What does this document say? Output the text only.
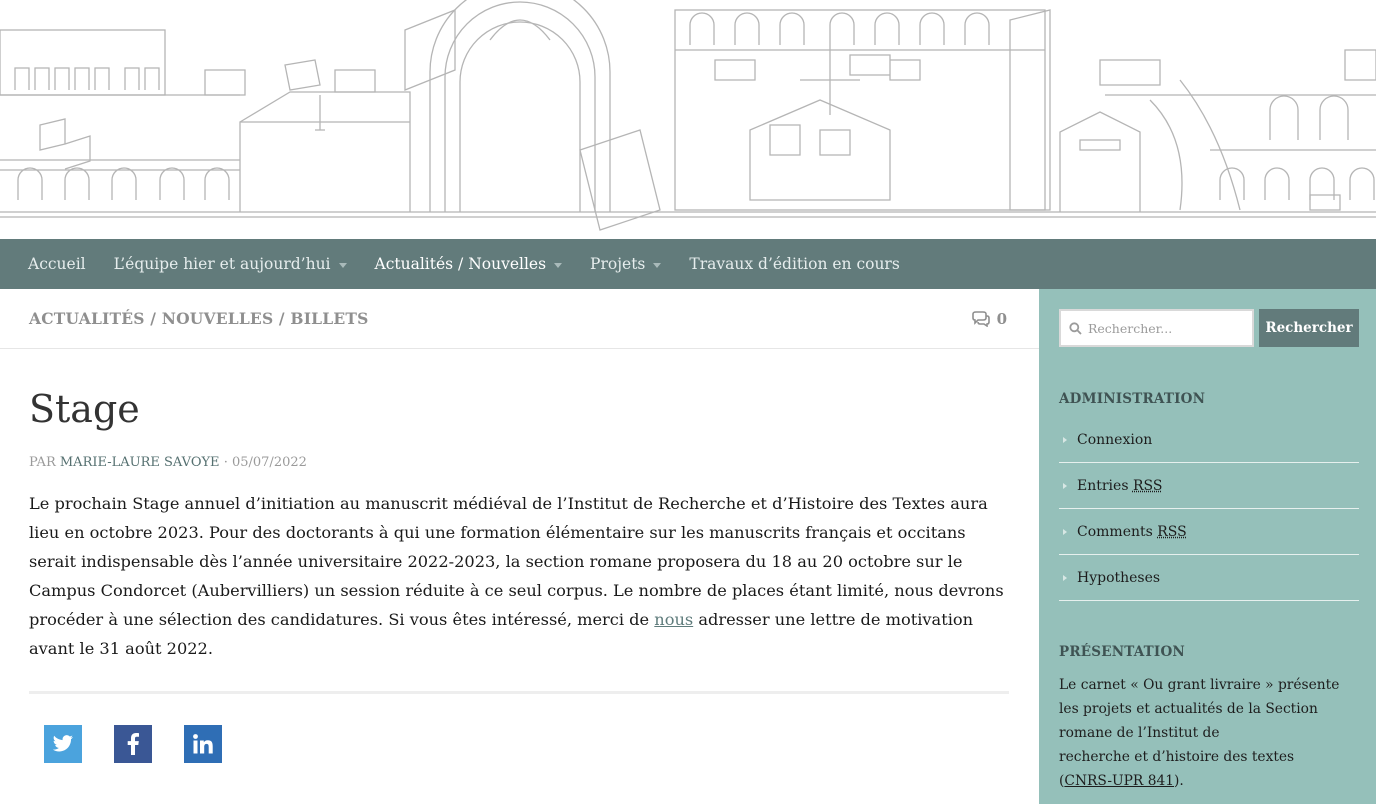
Accueil L’équipe hier et aujourd’hui	Actualités / Nouvelles	Projets	Travaux d’édition en cours
ACTUALITÉS / NOUVELLES / BILLETS	0
Stage
PAR MARIE-LAURE SAVOYE · 05/07/2022

Le prochain Stage annuel d’initiation au manuscrit médiéval de l’Institut de Recherche et d’Histoire des Textes aura lieu en octobre 2023. Pour des doctorants à qui une formation élémentaire sur les manuscrits français et occitans serait indispensable dès l’année universitaire 2022-2023, la section romane proposera du 18 au 20 octobre sur le Campus Condorcet (Aubervilliers) un session réduite à ce seul corpus. Le nombre de places étant limité, nous devrons procéder à une sélection des candidatures. Si vous êtes intéressé, merci de nous adresser une lettre de motivation avant le 31 août 2022.

Rechercher...
Rechercher
ADMINISTRATION
Connexion
Entries
RSS
Comments
RSS
Hypotheses
PRÉSENTATION
Le carnet « Ou grant livraire » présente les projets et actualités de la Section romane de l’Institut de
recherche et d’histoire des textes (CNRS-UPR 841).
